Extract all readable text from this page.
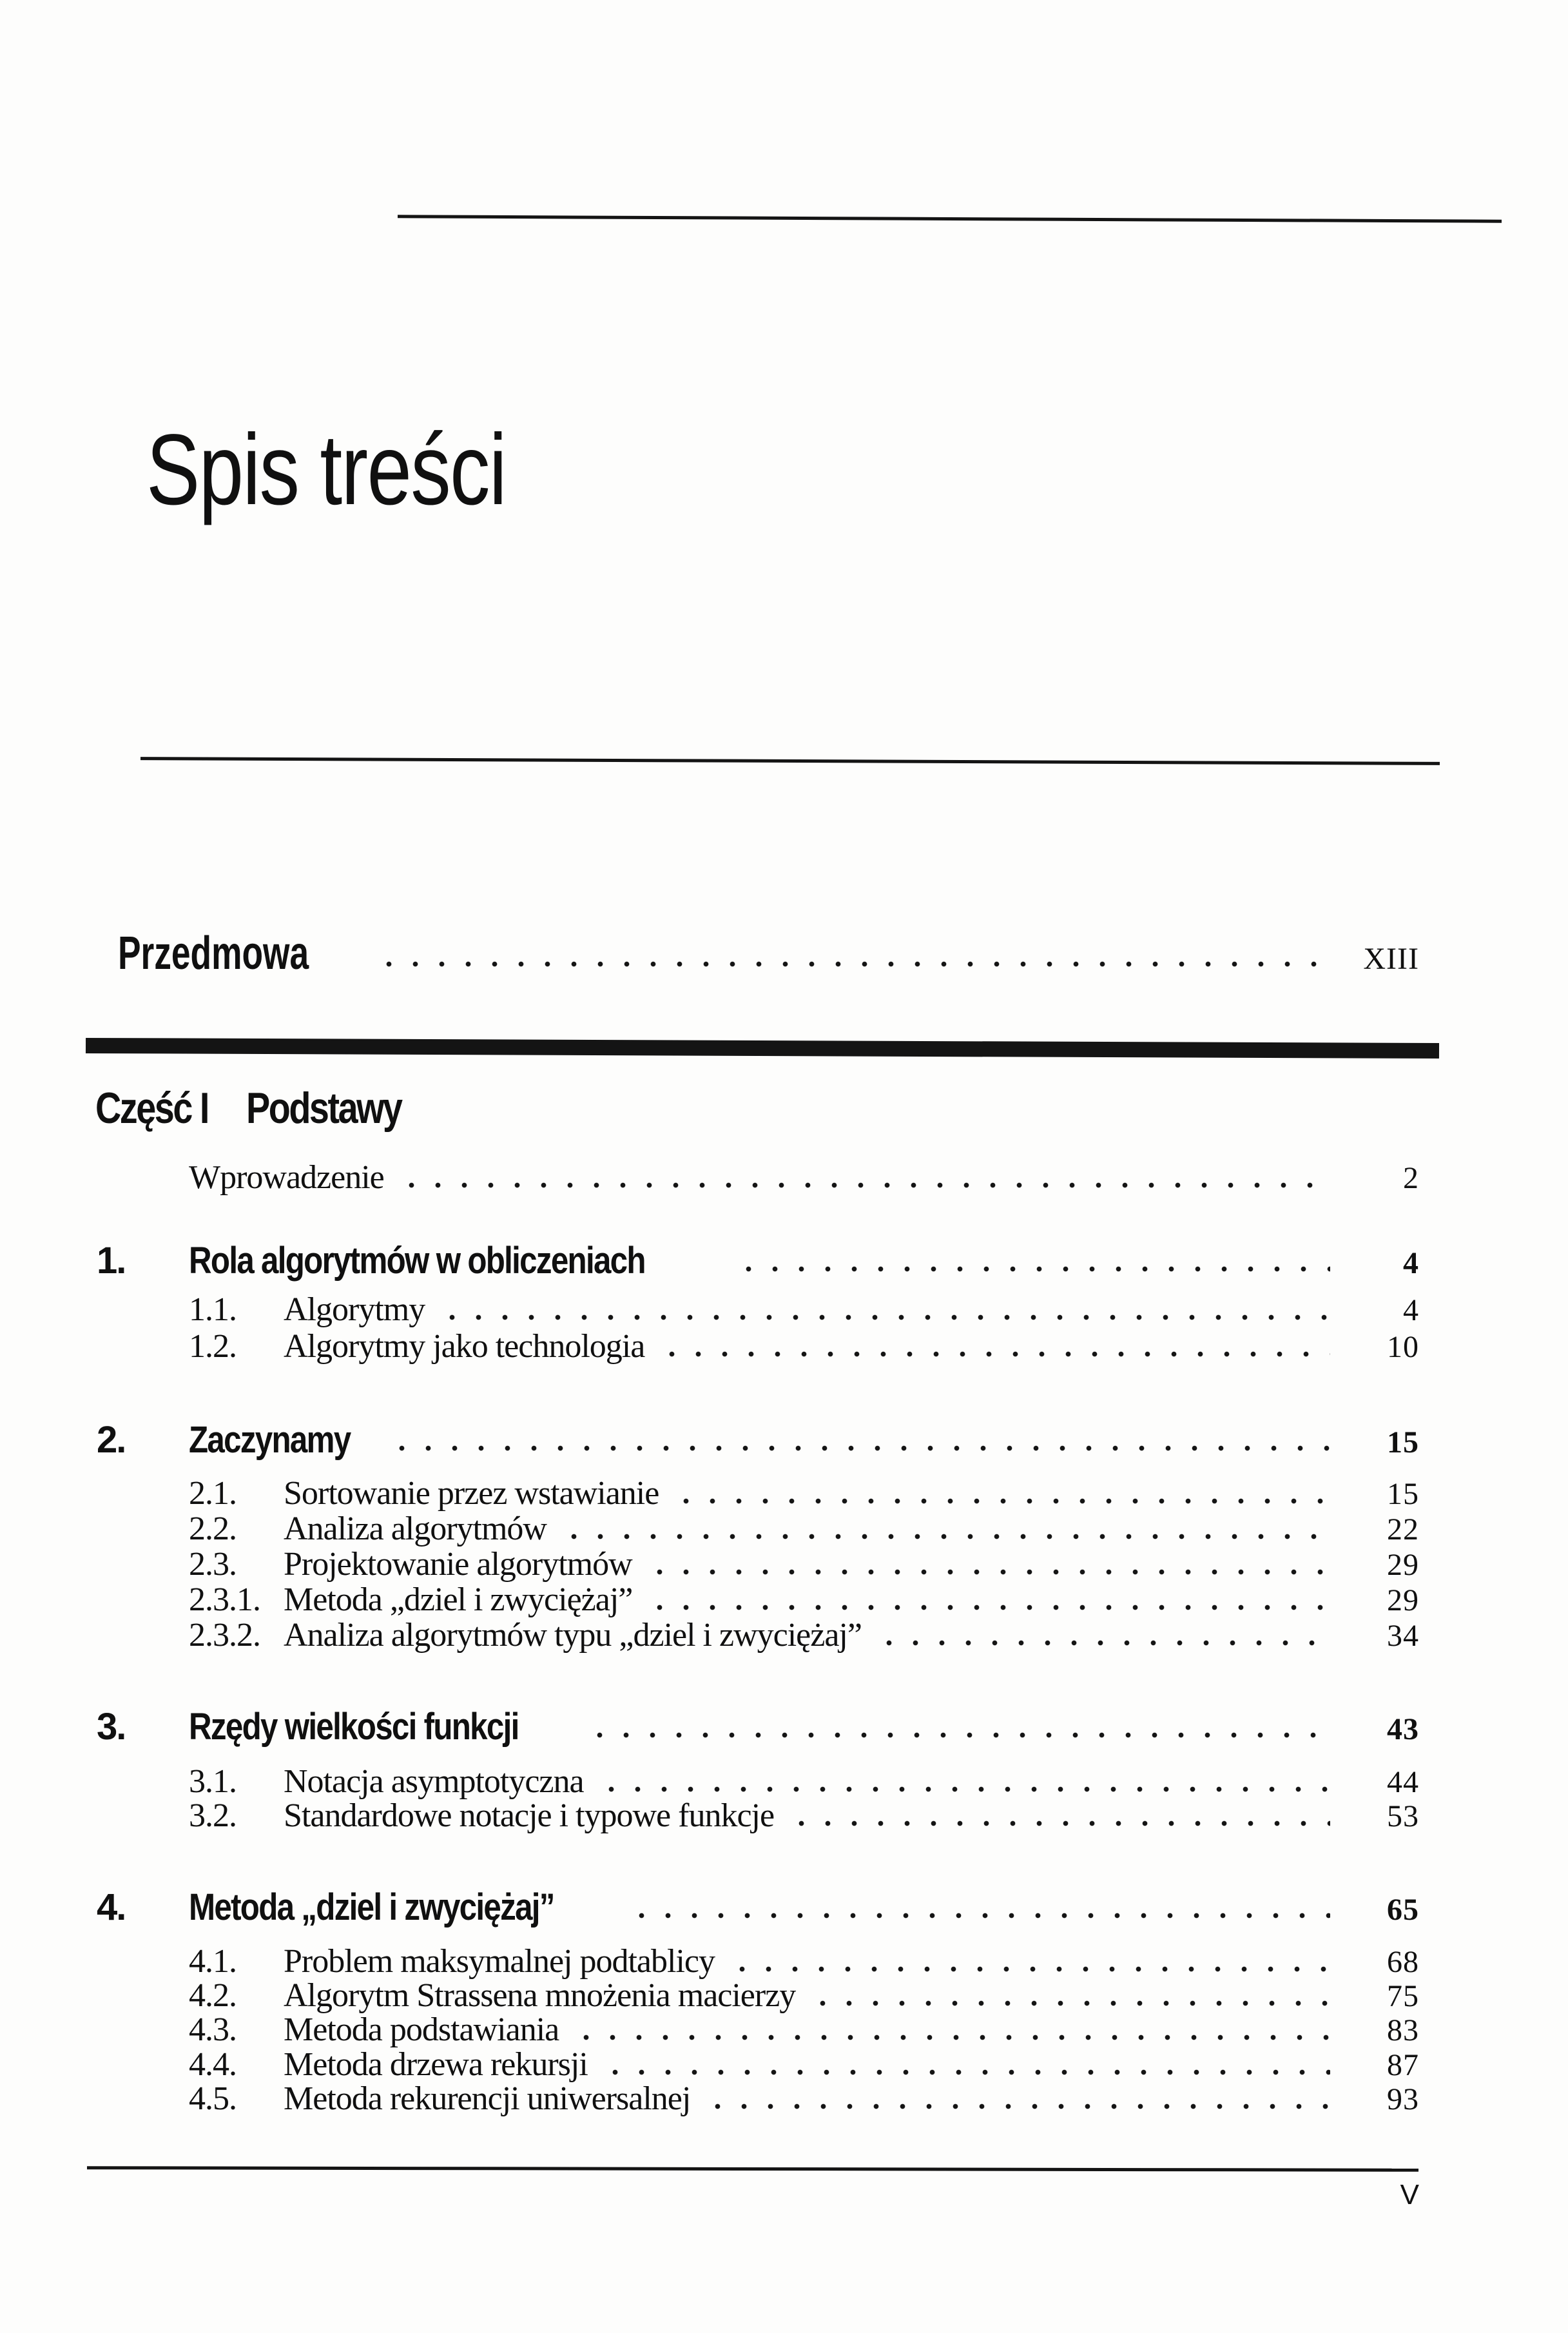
Spis treści
Przedmowa	XIII
Część I Podstawy
Wprowadzenie	2
1.	Rola algorytmów w obliczeniach	4
1.1.	Algorytmy	4
1.2.	Algorytmy jako technologia	10
2.	Zaczynamy	15
2.1.	Sortowanie przez wstawianie	15
2.2.	Analiza algorytmów	22
2.3.	Projektowanie algorytmów	29
2.3.1. Metoda „dziel i zwyciężaj”	29
2.3.2. Analiza algorytmów typu „dziel i zwyciężaj”	34
3.	Rzędy wielkości funkcji	43
3.1.	Notacja asymptotyczna	44
3.2.	Standardowe notacje i typowe funkcje	53
4.	Metoda „dziel i zwyciężaj”	65
4.1.	Problem maksymalnej podtablicy	68
4.2.	Algorytm Strassena mnożenia macierzy	75
4.3.	Metoda podstawiania	83
4.4.	Metoda drzewa rekursji	87
4.5.	Metoda rekurencji uniwersalnej	93
V
